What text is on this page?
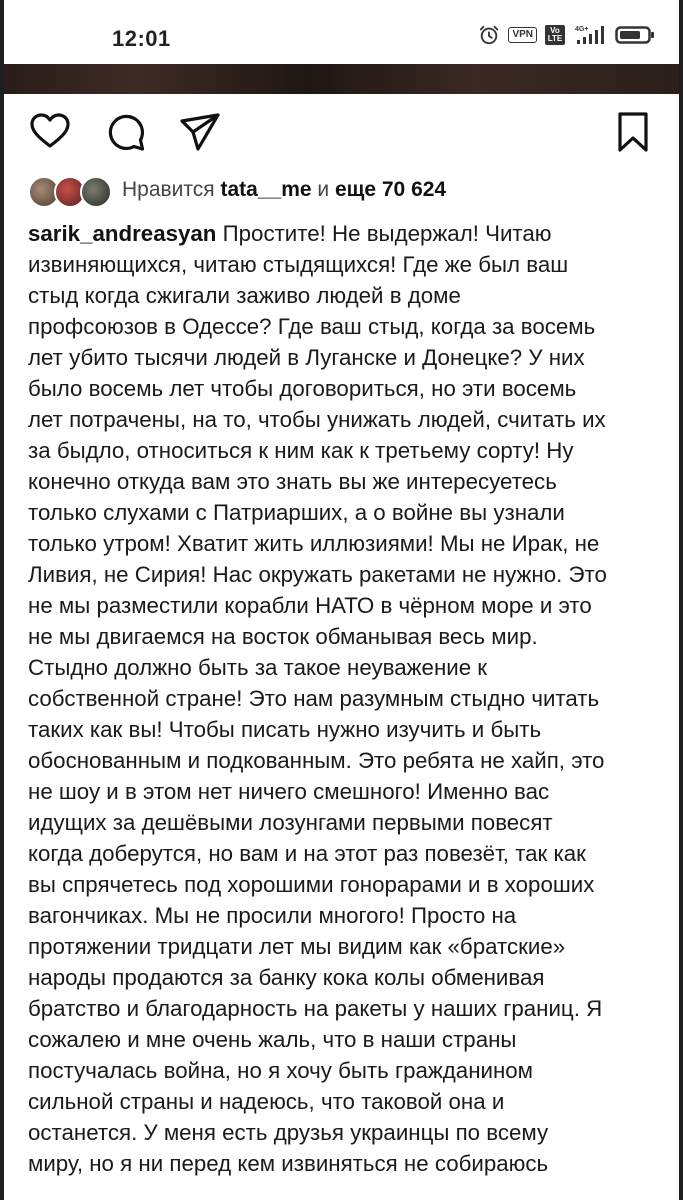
12:01	VPN	Vo LTE
4G+
Нравится tata__me и еще 70 624
sarik_andreasyan Простите! Не выдержал! Читаю
извиняющихся, читаю стыдящихся! Где же был ваш
стыд когда сжигали заживо людей в доме
профсоюзов в Одессе? Где ваш стыд, когда за восемь
лет убито тысячи людей в Луганске и Донецке? У них
было восемь лет чтобы договориться, но эти восемь
лет потрачены, на то, чтобы унижать людей, считать их
за быдло, относиться к ним как к третьему сорту! Ну
конечно откуда вам это знать вы же интересуетесь
только слухами с Патриарших, а о войне вы узнали
только утром! Хватит жить иллюзиями! Мы не Ирак, не
Ливия, не Сирия! Нас окружать ракетами не нужно. Это
не мы разместили корабли НАТО в чёрном море и это
не мы двигаемся на восток обманывая весь мир.
Стыдно должно быть за такое неуважение к
собственной стране! Это нам разумным стыдно читать
таких как вы! Чтобы писать нужно изучить и быть
обоснованным и подкованным. Это ребята не хайп, это
не шоу и в этом нет ничего смешного! Именно вас
идущих за дешёвыми лозунгами первыми повесят
когда доберутся, но вам и на этот раз повезёт, так как
вы спрячетесь под хорошими гонорарами и в хороших
вагончиках. Мы не просили многого! Просто на
протяжении тридцати лет мы видим как «братские»
народы продаются за банку кока колы обменивая
братство и благодарность на ракеты у наших границ. Я
сожалею и мне очень жаль, что в наши страны
постучалась война, но я хочу быть гражданином
сильной страны и надеюсь, что таковой она и
останется. У меня есть друзья украинцы по всему
миру, но я ни перед кем извиняться не собираюсь
